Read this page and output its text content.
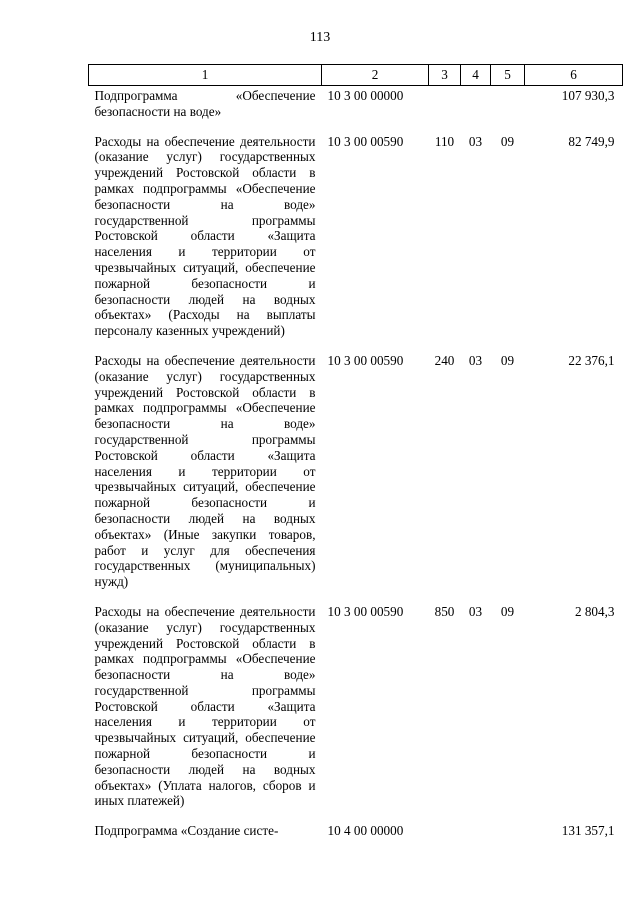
113
1	2	3	4	5	6
Подпрограмма «Обеспечение безопасности на воде»	10 3 00 00000				107 930,3
Расходы на обеспечение деятельности (оказание услуг) государственных учреждений Ростовской области в рамках подпрограммы «Обеспечение безопасности на воде» государственной программы Ростовской области «Защита населения и территории от чрезвычайных ситуаций, обеспечение пожарной безопасности и безопасности людей на водных объектах» (Расходы на выплаты персоналу казенных учреждений)	10 3 00 00590	110	03	09	82 749,9
Расходы на обеспечение деятельности (оказание услуг) государственных учреждений Ростовской области в рамках подпрограммы «Обеспечение безопасности на воде» государственной программы Ростовской области «Защита населения и территории от чрезвычайных ситуаций, обеспечение пожарной безопасности и безопасности людей на водных объектах» (Иные закупки товаров, работ и услуг для обеспечения государственных (муниципальных) нужд)	10 3 00 00590	240	03	09	22 376,1
Расходы на обеспечение деятельности (оказание услуг) государственных учреждений Ростовской области в рамках подпрограммы «Обеспечение безопасности на воде» государственной программы Ростовской области «Защита населения и территории от чрезвычайных ситуаций, обеспечение пожарной безопасности и безопасности людей на водных объектах» (Уплата налогов, сборов и иных платежей)	10 3 00 00590	850	03	09	2 804,3
Подпрограмма «Создание систе-	10 4 00 00000				131 357,1
